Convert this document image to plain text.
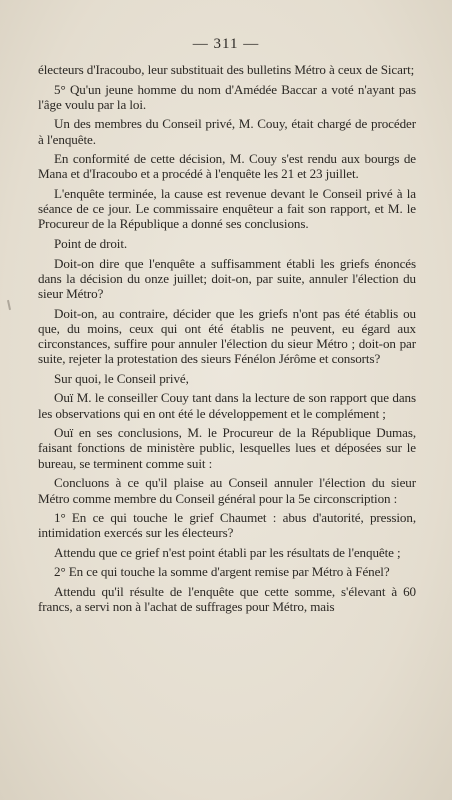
— 311 —

électeurs d'Iracoubo, leur substituait des bulletins Métro à ceux de Sicart;

5° Qu'un jeune homme du nom d'Amédée Baccar a voté n'ayant pas l'âge voulu par la loi.

Un des membres du Conseil privé, M. Couy, était chargé de procéder à l'enquête.

En conformité de cette décision, M. Couy s'est rendu aux bourgs de Mana et d'Iracoubo et a procédé à l'enquête les 21 et 23 juillet.

L'enquête terminée, la cause est revenue devant le Conseil privé à la séance de ce jour. Le commissaire enquêteur a fait son rapport, et M. le Procureur de la République a donné ses conclusions.

Point de droit.

Doit-on dire que l'enquête a suffisamment établi les griefs énoncés dans la décision du onze juillet; doit-on, par suite, annuler l'élection du sieur Métro?

Doit-on, au contraire, décider que les griefs n'ont pas été établis ou que, du moins, ceux qui ont été établis ne peuvent, eu égard aux circonstances, suffire pour annuler l'élection du sieur Métro ; doit-on par suite, rejeter la protestation des sieurs Fénélon Jérôme et consorts?

Sur quoi, le Conseil privé,

Ouï M. le conseiller Couy tant dans la lecture de son rapport que dans les observations qui en ont été le développement et le complément ;

Ouï en ses conclusions, M. le Procureur de la République Dumas, faisant fonctions de ministère public, lesquelles lues et déposées sur le bureau, se terminent comme suit :

Concluons à ce qu'il plaise au Conseil annuler l'élection du sieur Métro comme membre du Conseil général pour la 5e circonscription :

1° En ce qui touche le grief Chaumet : abus d'autorité, pression, intimidation exercés sur les électeurs?

Attendu que ce grief n'est point établi par les résultats de l'enquête ;

2° En ce qui touche la somme d'argent remise par Métro à Fénel?

Attendu qu'il résulte de l'enquête que cette somme, s'élevant à 60 francs, a servi non à l'achat de suffrages pour Métro, mais
